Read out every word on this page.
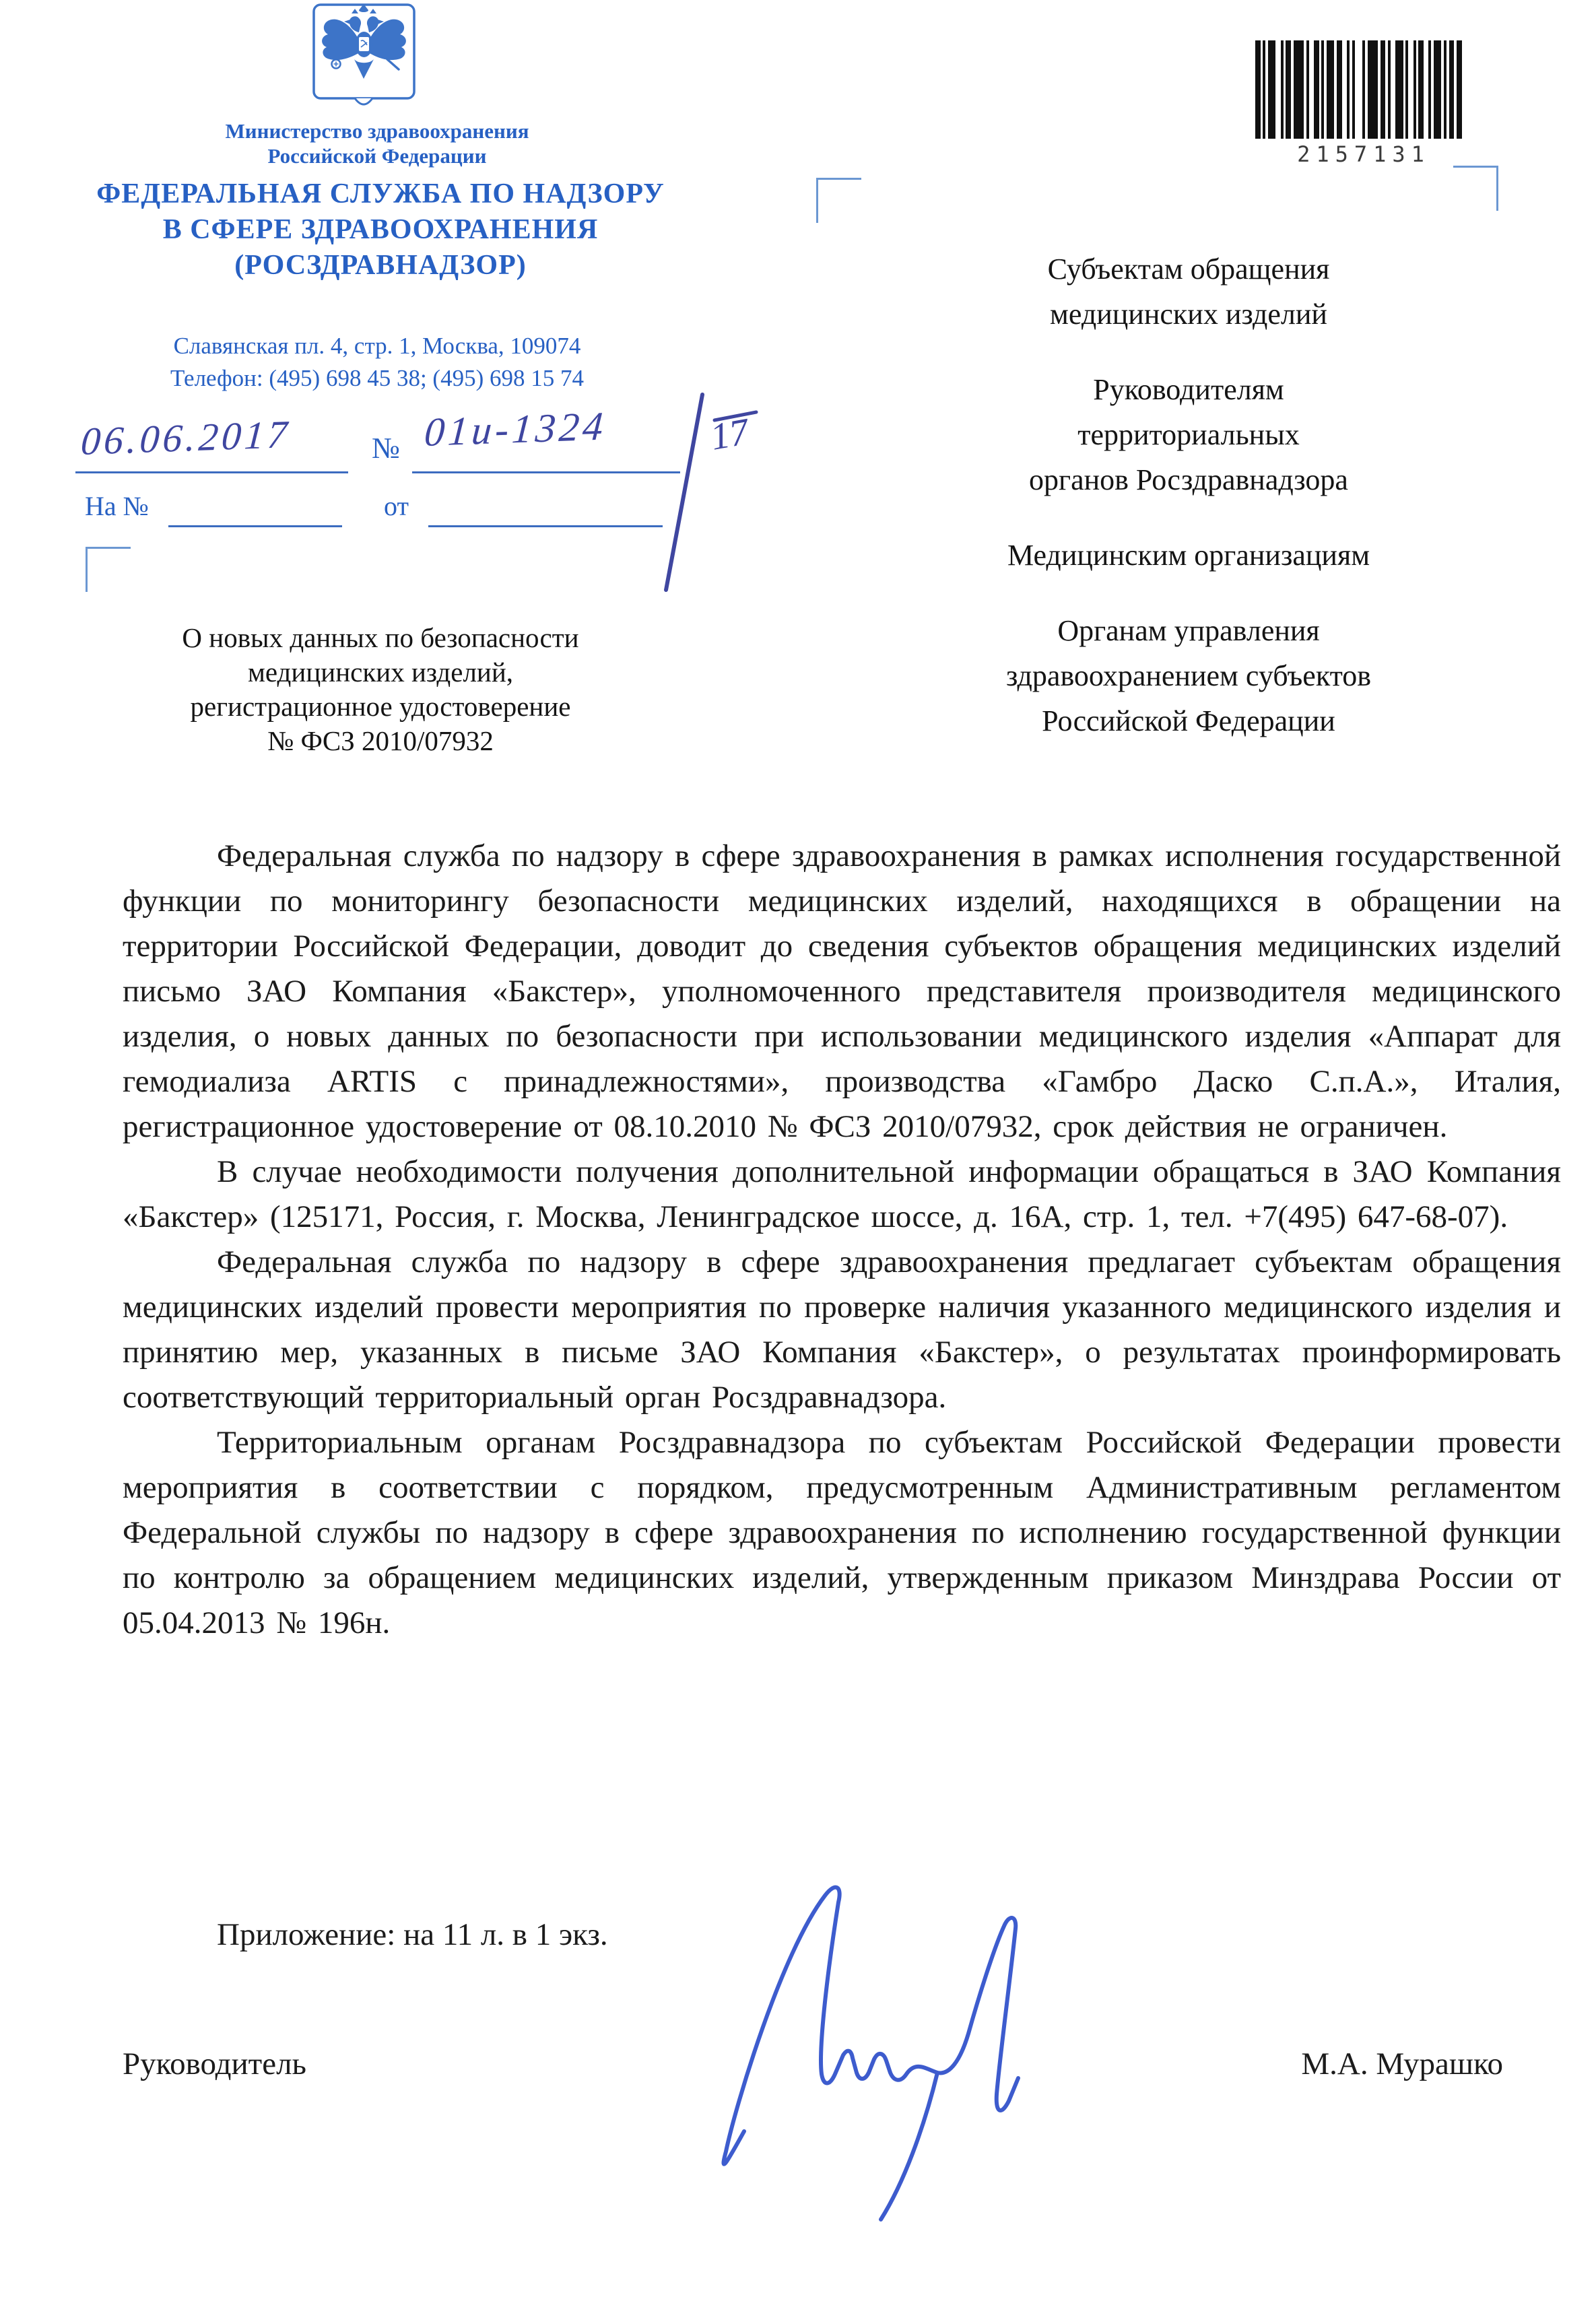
Министерство здравоохранения
Российской Федерации
ФЕДЕРАЛЬНАЯ СЛУЖБА ПО НАДЗОРУ
В СФЕРЕ ЗДРАВООХРАНЕНИЯ
(РОСЗДРАВНАДЗОР)
Славянская пл. 4, стр. 1, Москва, 109074
Телефон: (495) 698 45 38; (495) 698 15 74
2157131
06.06.2017	№ 01и-1324	17
На №	от
О новых данных по безопасности
медицинских изделий,
регистрационное удостоверение
№ ФСЗ 2010/07932
Субъектам обращения
медицинских изделий
Руководителям
территориальных
органов Росздравнадзора
Медицинским организациям
Органам управления
здравоохранением субъектов
Российской Федерации

Федеральная служба по надзору в сфере здравоохранения в рамках исполнения государственной функции по мониторингу безопасности медицинских изделий, находящихся в обращении на территории Российской Федерации, доводит до сведения субъектов обращения медицинских изделий письмо ЗАО Компания «Бакстер», уполномоченного представителя производителя медицинского изделия, о новых данных по безопасности при использовании медицинского изделия «Аппарат для гемодиализа ARTIS с принадлежностями», производства «Гамбро Даско С.п.А.», Италия, регистрационное удостоверение от 08.10.2010 № ФСЗ 2010/07932, срок действия не ограничен.

В случае необходимости получения дополнительной информации обращаться в ЗАО Компания «Бакстер» (125171, Россия, г. Москва, Ленинградское шоссе, д. 16А, стр. 1, тел. +7(495) 647-68-07).

Федеральная служба по надзору в сфере здравоохранения предлагает субъектам обращения медицинских изделий провести мероприятия по проверке наличия указанного медицинского изделия и принятию мер, указанных в письме ЗАО Компания «Бакстер», о результатах проинформировать соответствующий территориальный орган Росздравнадзора.

Территориальным органам Росздравнадзора по субъектам Российской Федерации провести мероприятия в соответствии с порядком, предусмотренным Административным регламентом Федеральной службы по надзору в сфере здравоохранения по исполнению государственной функции по контролю за обращением медицинских изделий, утвержденным приказом Минздрава России от 05.04.2013 № 196н.

Приложение: на 11 л. в 1 экз.
Руководитель	М.А. Мурашко
